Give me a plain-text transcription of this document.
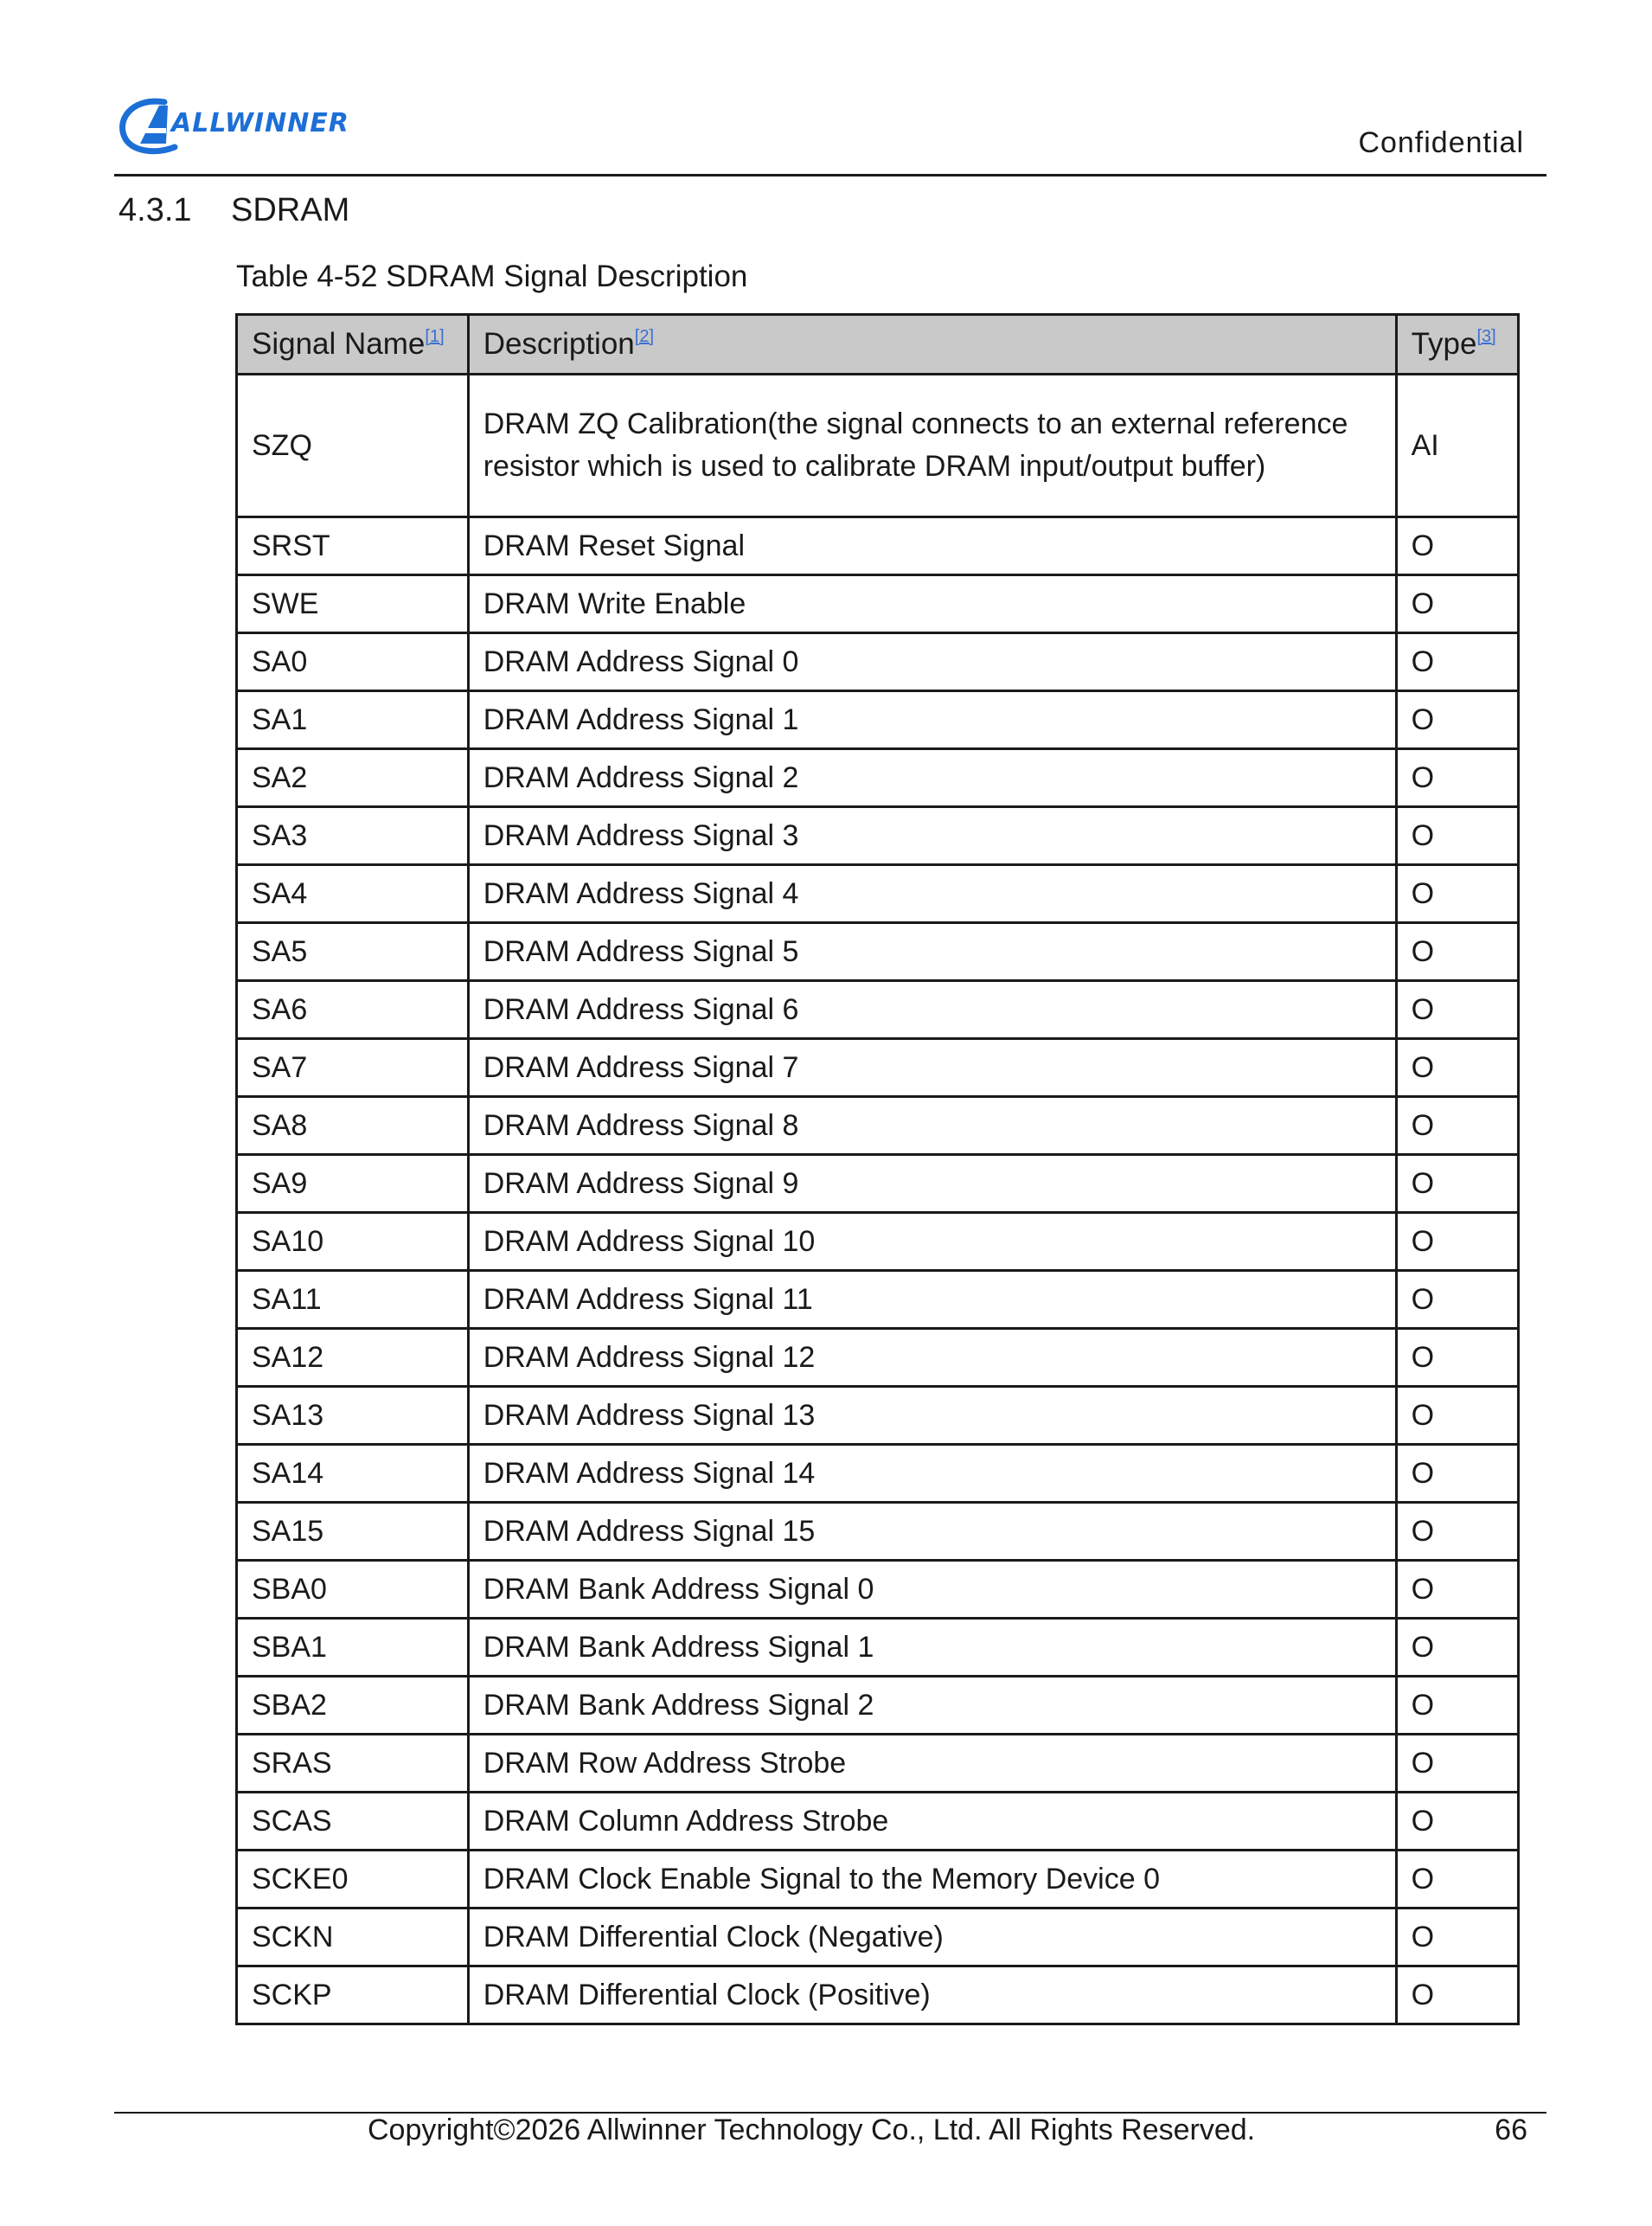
ALLWINNER
Confidential
4.3.1 SDRAM
Table 4-52 SDRAM Signal Description
Signal Name[1]	Description[2]	Type[3]
SZQ	DRAM ZQ Calibration(the signal connects to an external reference resistor which is used to calibrate DRAM input/output buffer)	AI
SRST	DRAM Reset Signal	O
SWE	DRAM Write Enable	O
SA0	DRAM Address Signal 0	O
SA1	DRAM Address Signal 1	O
SA2	DRAM Address Signal 2	O
SA3	DRAM Address Signal 3	O
SA4	DRAM Address Signal 4	O
SA5	DRAM Address Signal 5	O
SA6	DRAM Address Signal 6	O
SA7	DRAM Address Signal 7	O
SA8	DRAM Address Signal 8	O
SA9	DRAM Address Signal 9	O
SA10	DRAM Address Signal 10	O
SA11	DRAM Address Signal 11	O
SA12	DRAM Address Signal 12	O
SA13	DRAM Address Signal 13	O
SA14	DRAM Address Signal 14	O
SA15	DRAM Address Signal 15	O
SBA0	DRAM Bank Address Signal 0	O
SBA1	DRAM Bank Address Signal 1	O
SBA2	DRAM Bank Address Signal 2	O
SRAS	DRAM Row Address Strobe	O
SCAS	DRAM Column Address Strobe	O
SCKE0	DRAM Clock Enable Signal to the Memory Device 0	O
SCKN	DRAM Differential Clock (Negative)	O
SCKP	DRAM Differential Clock (Positive)	O
Copyright©2026 Allwinner Technology Co., Ltd. All Rights Reserved.	66
